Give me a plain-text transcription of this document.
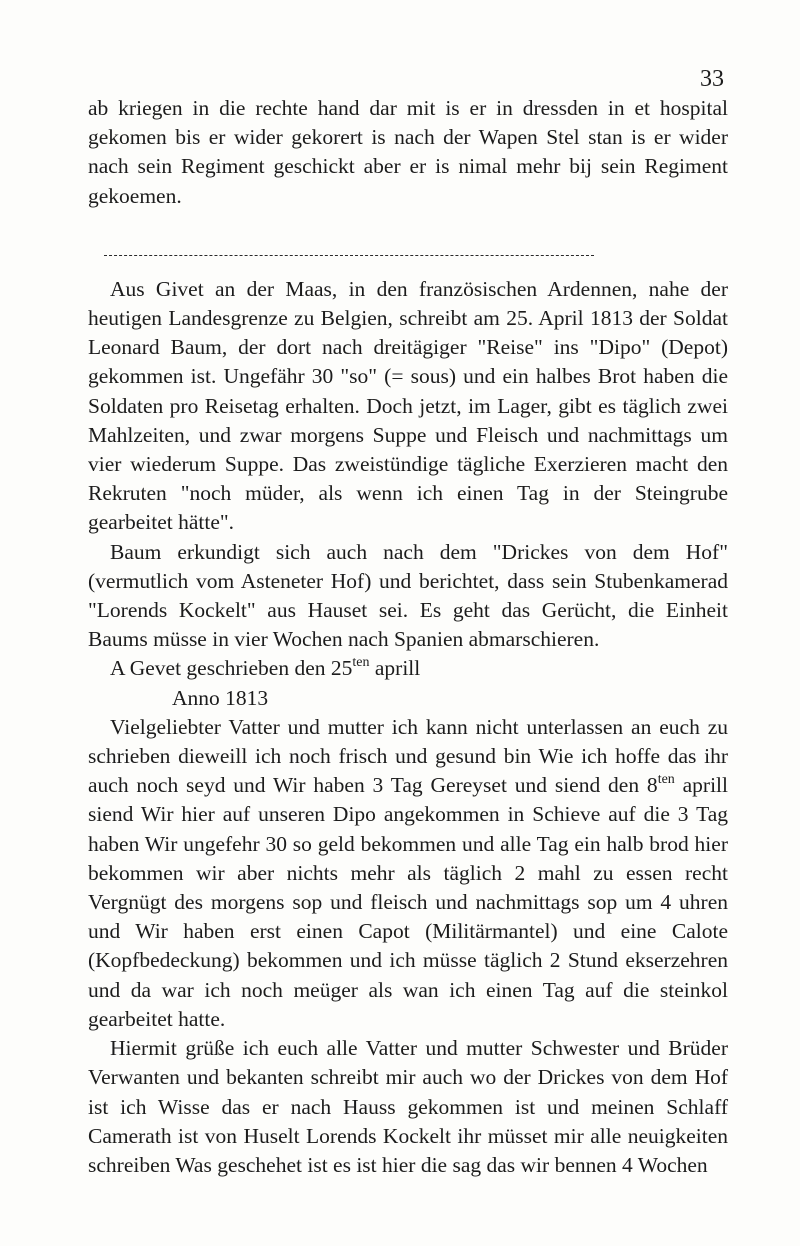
33

ab kriegen in die rechte hand dar mit is er in dressden in et hospital gekomen bis er wider gekorert is nach der Wapen Stel stan is er wider nach sein Regiment geschickt aber er is nimal mehr bij sein Regiment gekoemen.

Aus Givet an der Maas, in den französischen Ardennen, nahe der heutigen Landesgrenze zu Belgien, schreibt am 25. April 1813 der Soldat Leonard Baum, der dort nach dreitägiger "Reise" ins "Dipo" (Depot) gekommen ist. Ungefähr 30 "so" (= sous) und ein halbes Brot haben die Soldaten pro Reisetag erhalten. Doch jetzt, im Lager, gibt es täglich zwei Mahlzeiten, und zwar morgens Suppe und Fleisch und nachmittags um vier wiederum Suppe. Das zweistündige tägliche Exerzieren macht den Rekruten "noch müder, als wenn ich einen Tag in der Steingrube gearbeitet hätte".

Baum erkundigt sich auch nach dem "Drickes von dem Hof" (vermutlich vom Asteneter Hof) und berichtet, dass sein Stubenkamerad "Lorends Kockelt" aus Hauset sei. Es geht das Gerücht, die Einheit Baums müsse in vier Wochen nach Spanien abmarschieren.

A Gevet geschrieben den $25^{ten}$ aprill

Anno 1813

Vielgeliebter Vatter und mutter ich kann nicht unterlassen an euch zu schrieben dieweill ich noch frisch und gesund bin Wie ich hoffe das ihr auch noch seyd und Wir haben 3 Tag Gereyset und siend den $8^{ten}$ aprill siend Wir hier auf unseren Dipo angekommen in Schieve auf die 3 Tag haben Wir ungefehr 30 so geld bekommen und alle Tag ein halb brod hier bekommen wir aber nichts mehr als täglich 2 mahl zu essen recht Vergnügt des morgens sop und fleisch und nachmittags sop um 4 uhren und Wir haben erst einen Capot (Militärmantel) und eine Calote (Kopfbedeckung) bekommen und ich müsse täglich 2 Stund ekserzehren und da war ich noch meüger als wan ich einen Tag auf die steinkol gearbeitet hatte.

Hiermit grüße ich euch alle Vatter und mutter Schwester und Brüder Verwanten und bekanten schreibt mir auch wo der Drickes von dem Hof ist ich Wisse das er nach Hauss gekommen ist und meinen Schlaff Camerath ist von Huselt Lorends Kockelt ihr müsset mir alle neuigkeiten schreiben Was geschehet ist es ist hier die sag das wir bennen 4 Wochen
